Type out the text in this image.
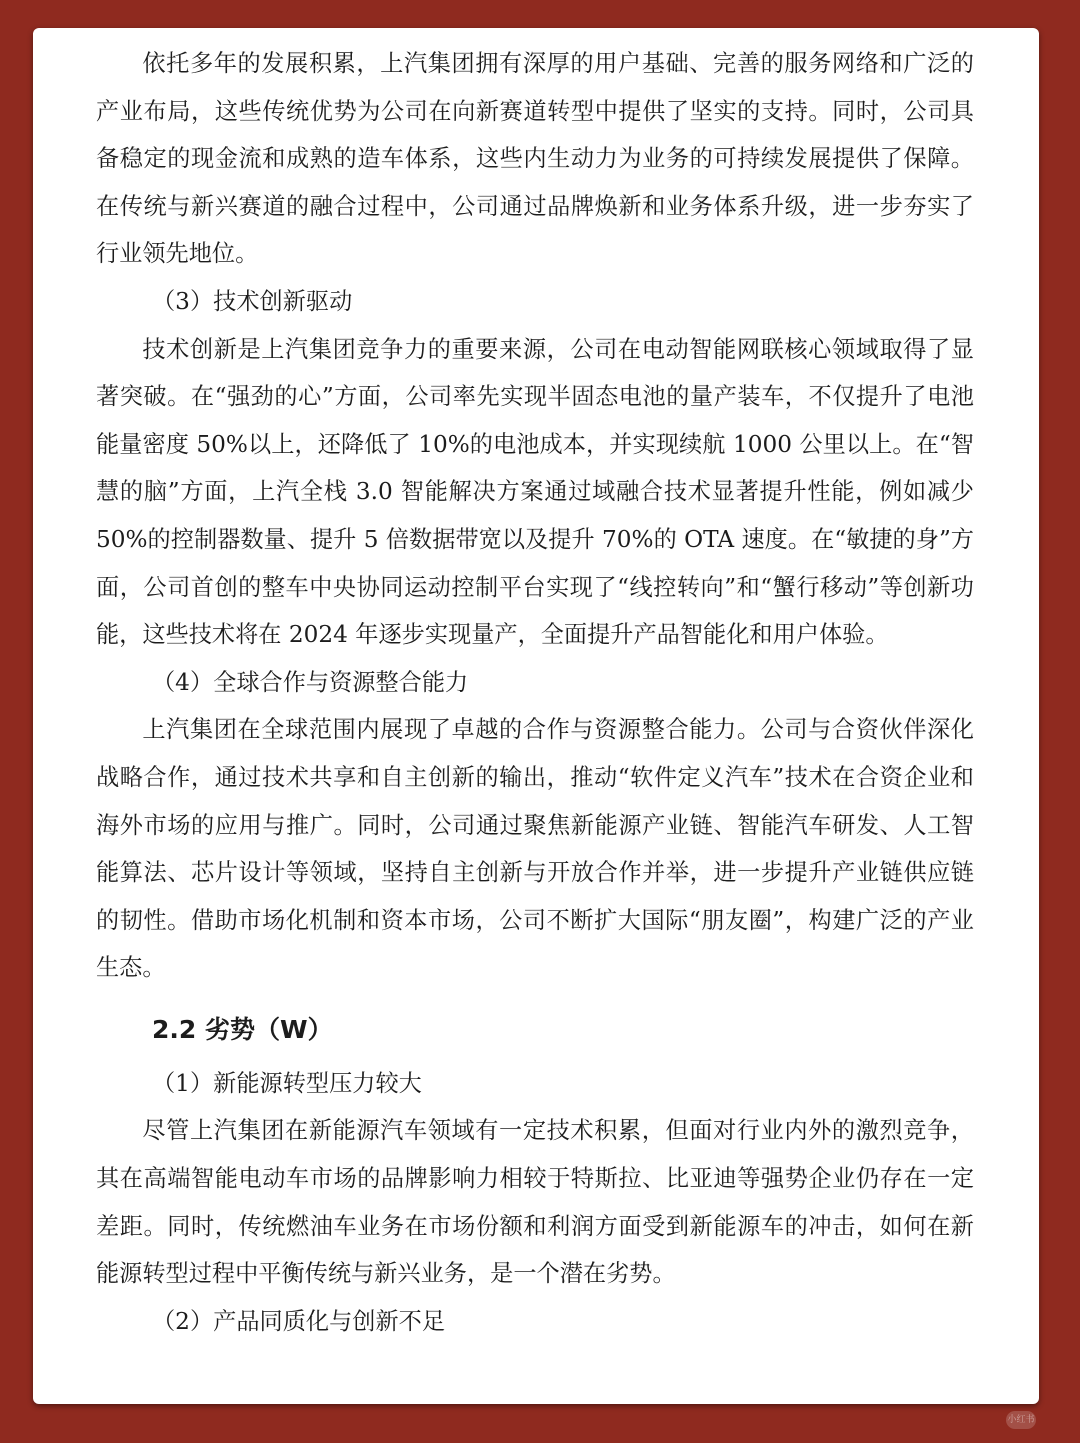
依托多年的发展积累，上汽集团拥有深厚的用户基础、完善的服务网络和广泛的产业布局，这些传统优势为公司在向新赛道转型中提供了坚实的支持。同时，公司具备稳定的现金流和成熟的造车体系，这些内生动力为业务的可持续发展提供了保障。在传统与新兴赛道的融合过程中，公司通过品牌焕新和业务体系升级，进一步夯实了行业领先地位。

（3）技术创新驱动

技术创新是上汽集团竞争力的重要来源，公司在电动智能网联核心领域取得了显著突破。在“强劲的心”方面，公司率先实现半固态电池的量产装车，不仅提升了电池能量密度 50%以上，还降低了 10%的电池成本，并实现续航 1000 公里以上。在“智慧的脑”方面，上汽全栈 3.0 智能解决方案通过域融合技术显著提升性能，例如减少 50%的控制器数量、提升 5 倍数据带宽以及提升 70%的 OTA 速度。在“敏捷的身”方面，公司首创的整车中央协同运动控制平台实现了“线控转向”和“蟹行移动”等创新功能，这些技术将在 2024 年逐步实现量产，全面提升产品智能化和用户体验。

（4）全球合作与资源整合能力

上汽集团在全球范围内展现了卓越的合作与资源整合能力。公司与合资伙伴深化战略合作，通过技术共享和自主创新的输出，推动“软件定义汽车”技术在合资企业和海外市场的应用与推广。同时，公司通过聚焦新能源产业链、智能汽车研发、人工智能算法、芯片设计等领域，坚持自主创新与开放合作并举，进一步提升产业链供应链的韧性。借助市场化机制和资本市场，公司不断扩大国际“朋友圈”，构建广泛的产业生态。

2.2 劣势（W）

（1）新能源转型压力较大

尽管上汽集团在新能源汽车领域有一定技术积累，但面对行业内外的激烈竞争，其在高端智能电动车市场的品牌影响力相较于特斯拉、比亚迪等强势企业仍存在一定差距。同时，传统燃油车业务在市场份额和利润方面受到新能源车的冲击，如何在新能源转型过程中平衡传统与新兴业务，是一个潜在劣势。

（2）产品同质化与创新不足

小红书
